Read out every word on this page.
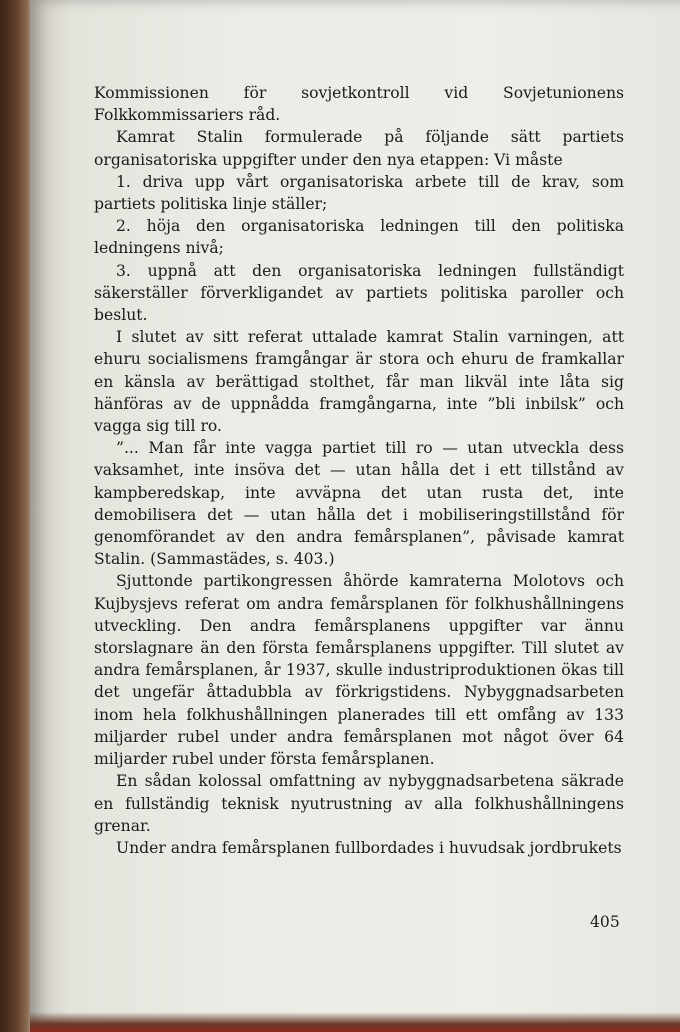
Kommissionen för sovjetkontroll vid Sovjetunionens Folkkommissariers råd.

Kamrat Stalin formulerade på följande sätt partiets organisatoriska uppgifter under den nya etappen: Vi måste

1. driva upp vårt organisatoriska arbete till de krav, som partiets politiska linje ställer;

2. höja den organisatoriska ledningen till den politiska ledningens nivå;

3. uppnå att den organisatoriska ledningen fullständigt säkerställer förverkligandet av partiets politiska paroller och beslut.

I slutet av sitt referat uttalade kamrat Stalin varningen, att ehuru socialismens framgångar är stora och ehuru de framkallar en känsla av berättigad stolthet, får man likväl inte låta sig hänföras av de uppnådda framgångarna, inte ”bli inbilsk” och vagga sig till ro.

”... Man får inte vagga partiet till ro — utan utveckla dess vaksamhet, inte insöva det — utan hålla det i ett tillstånd av kampberedskap, inte avväpna det utan rusta det, inte demobilisera det — utan hålla det i mobiliseringstillstånd för genomförandet av den andra femårsplanen”, påvisade kamrat Stalin. (Sammastädes, s. 403.)

Sjuttonde partikongressen åhörde kamraterna Molotovs och Kujbysjevs referat om andra femårsplanen för folkhushållningens utveckling. Den andra femårsplanens uppgifter var ännu storslagnare än den första femårsplanens uppgifter. Till slutet av andra femårsplanen, år 1937, skulle industriproduktionen ökas till det ungefär åttadubbla av förkrigstidens. Nybyggnadsarbeten inom hela folkhushållningen planerades till ett omfång av 133 miljarder rubel under andra femårsplanen mot något över 64 miljarder rubel under första femårsplanen.

En sådan kolossal omfattning av nybyggnadsarbetena säkrade en fullständig teknisk nyutrustning av alla folkhushållningens grenar.

Under andra femårsplanen fullbordades i huvudsak jordbrukets

405
